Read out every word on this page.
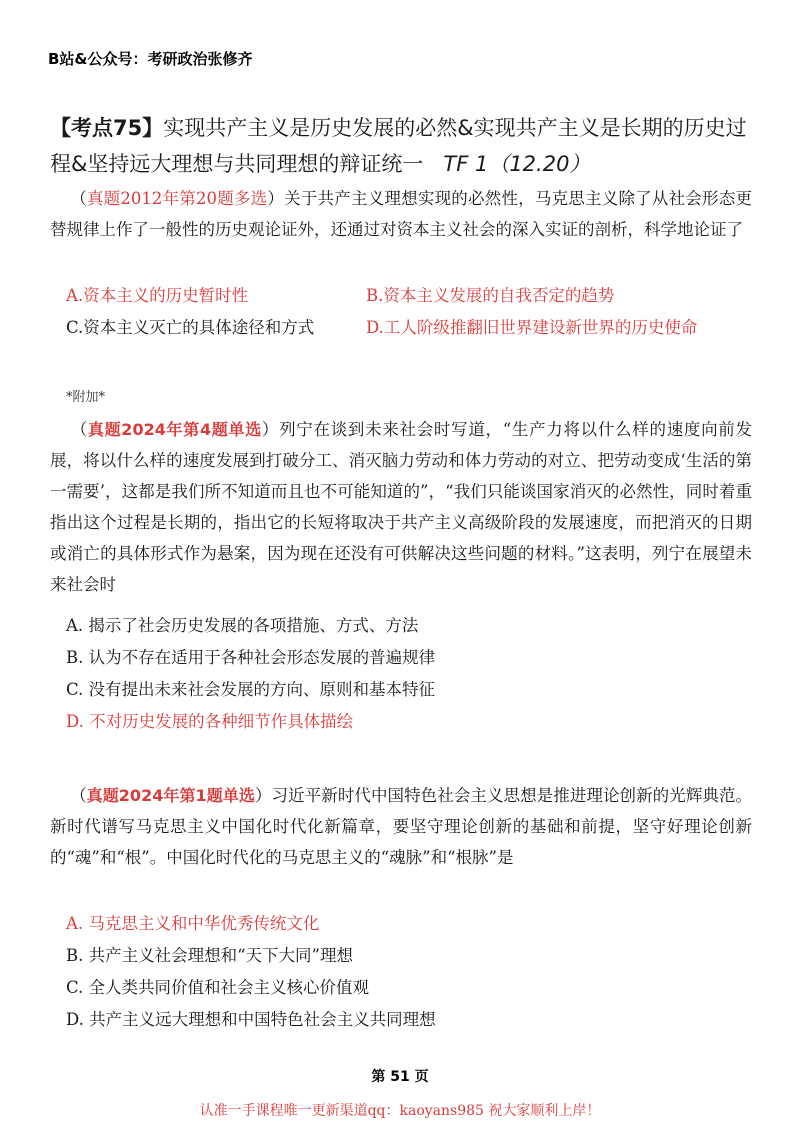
B站&公众号：考研政治张修齐
【考点75】实现共产主义是历史发展的必然&实现共产主义是长期的历史过程&坚持远大理想与共同理想的辩证统一 TF 1（12.20）
（真题2012年第20题多选）关于共产主义理想实现的必然性，马克思主义除了从社会形态更替规律上作了一般性的历史观论证外，还通过对资本主义社会的深入实证的剖析，科学地论证了
A.资本主义的历史暂时性	B.资本主义发展的自我否定的趋势
C.资本主义灭亡的具体途径和方式	D.工人阶级推翻旧世界建设新世界的历史使命
*附加*
（真题2024年第4题单选）列宁在谈到未来社会时写道，“生产力将以什么样的速度向前发展，将以什么样的速度发展到打破分工、消灭脑力劳动和体力劳动的对立、把劳动变成‘生活的第一需要’，这都是我们所不知道而且也不可能知道的”，“我们只能谈国家消灭的必然性，同时着重指出这个过程是长期的，指出它的长短将取决于共产主义高级阶段的发展速度，而把消灭的日期或消亡的具体形式作为悬案，因为现在还没有可供解决这些问题的材料。”这表明，列宁在展望未来社会时
A. 揭示了社会历史发展的各项措施、方式、方法
B. 认为不存在适用于各种社会形态发展的普遍规律
C. 没有提出未来社会发展的方向、原则和基本特征
D. 不对历史发展的各种细节作具体描绘
（真题2024年第1题单选）习近平新时代中国特色社会主义思想是推进理论创新的光辉典范。新时代谱写马克思主义中国化时代化新篇章，要坚守理论创新的基础和前提，坚守好理论创新的“魂”和“根”。中国化时代化的马克思主义的“魂脉”和“根脉”是
A. 马克思主义和中华优秀传统文化
B. 共产主义社会理想和“天下大同”理想
C. 全人类共同价值和社会主义核心价值观
D. 共产主义远大理想和中国特色社会主义共同理想
第 51 页
认准一手课程唯一更新渠道qq：kaoyans985 祝大家顺利上岸！
